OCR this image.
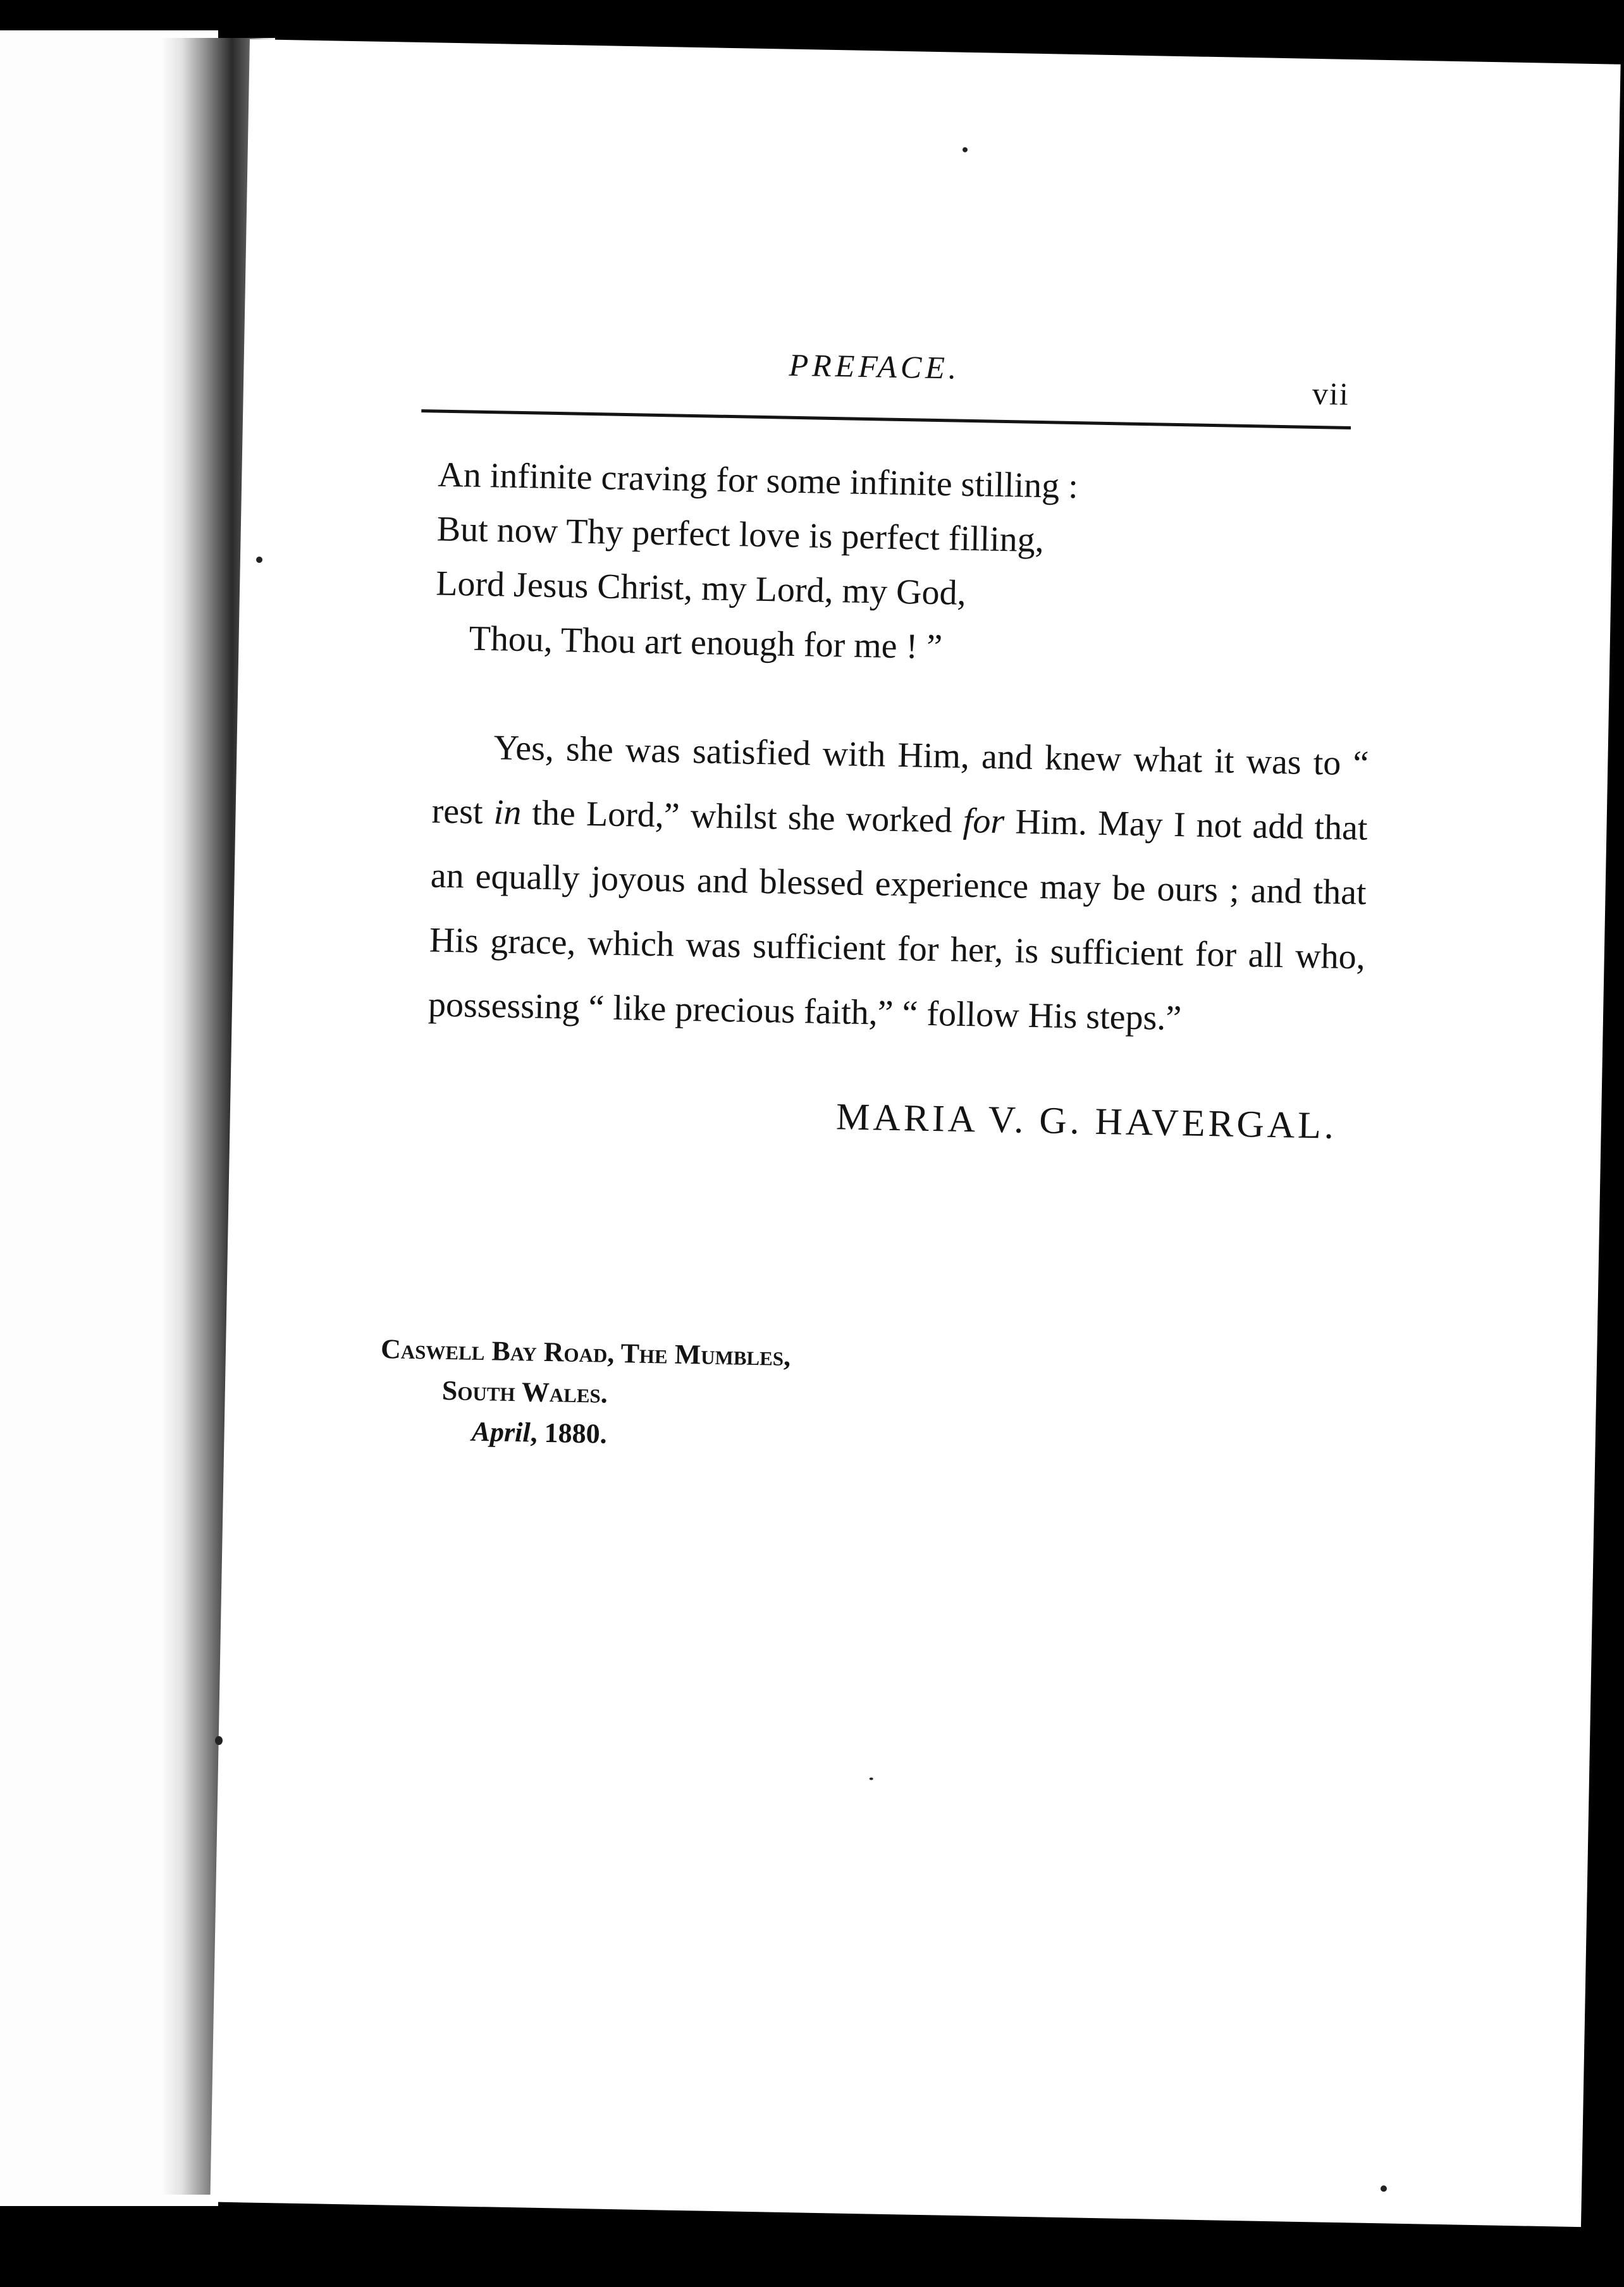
PREFACE.
vii
An infinite craving for some infinite stilling :
But now Thy perfect love is perfect filling,
Lord Jesus Christ, my Lord, my God,
Thou, Thou art enough for me ! ”

Yes, she was satisfied with Him, and knew what it was to “ rest in the Lord,” whilst she worked for Him. May I not add that an equally joyous and blessed experience may be ours ; and that His grace, which was sufficient for her, is sufficient for all who, possessing “ like precious faith,” “ follow His steps.”

MARIA V. G. HAVERGAL.
Caswell Bay Road, The Mumbles,
South Wales.
April, 1880.
